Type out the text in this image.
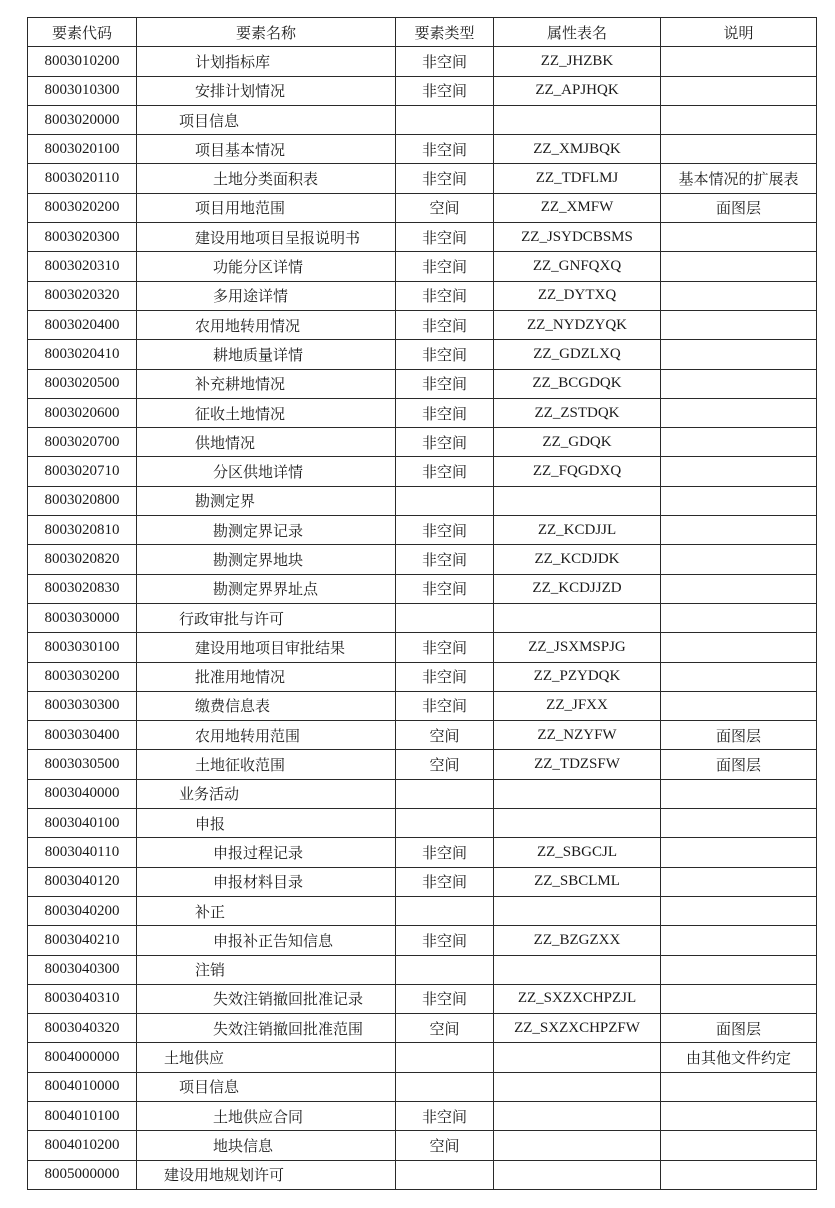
要素代码	要素名称	要素类型	属性表名	说明
8003010200	计划指标库	非空间	ZZ_JHZBK	
8003010300	安排计划情况	非空间	ZZ_APJHQK	
8003020000	项目信息			
8003020100	项目基本情况	非空间	ZZ_XMJBQK	
8003020110	土地分类面积表	非空间	ZZ_TDFLMJ	基本情况的扩展表
8003020200	项目用地范围	空间	ZZ_XMFW	面图层
8003020300	建设用地项目呈报说明书	非空间	ZZ_JSYDCBSMS	
8003020310	功能分区详情	非空间	ZZ_GNFQXQ	
8003020320	多用途详情	非空间	ZZ_DYTXQ	
8003020400	农用地转用情况	非空间	ZZ_NYDZYQK	
8003020410	耕地质量详情	非空间	ZZ_GDZLXQ	
8003020500	补充耕地情况	非空间	ZZ_BCGDQK	
8003020600	征收土地情况	非空间	ZZ_ZSTDQK	
8003020700	供地情况	非空间	ZZ_GDQK	
8003020710	分区供地详情	非空间	ZZ_FQGDXQ	
8003020800	勘测定界			
8003020810	勘测定界记录	非空间	ZZ_KCDJJL	
8003020820	勘测定界地块	非空间	ZZ_KCDJDK	
8003020830	勘测定界界址点	非空间	ZZ_KCDJJZD	
8003030000	行政审批与许可			
8003030100	建设用地项目审批结果	非空间	ZZ_JSXMSPJG	
8003030200	批准用地情况	非空间	ZZ_PZYDQK	
8003030300	缴费信息表	非空间	ZZ_JFXX	
8003030400	农用地转用范围	空间	ZZ_NZYFW	面图层
8003030500	土地征收范围	空间	ZZ_TDZSFW	面图层
8003040000	业务活动			
8003040100	申报			
8003040110	申报过程记录	非空间	ZZ_SBGCJL	
8003040120	申报材料目录	非空间	ZZ_SBCLML	
8003040200	补正			
8003040210	申报补正告知信息	非空间	ZZ_BZGZXX	
8003040300	注销			
8003040310	失效注销撤回批准记录	非空间	ZZ_SXZXCHPZJL	
8003040320	失效注销撤回批准范围	空间	ZZ_SXZXCHPZFW	面图层
8004000000	土地供应			由其他文件约定
8004010000	项目信息			
8004010100	土地供应合同	非空间		
8004010200	地块信息	空间		
8005000000	建设用地规划许可			
